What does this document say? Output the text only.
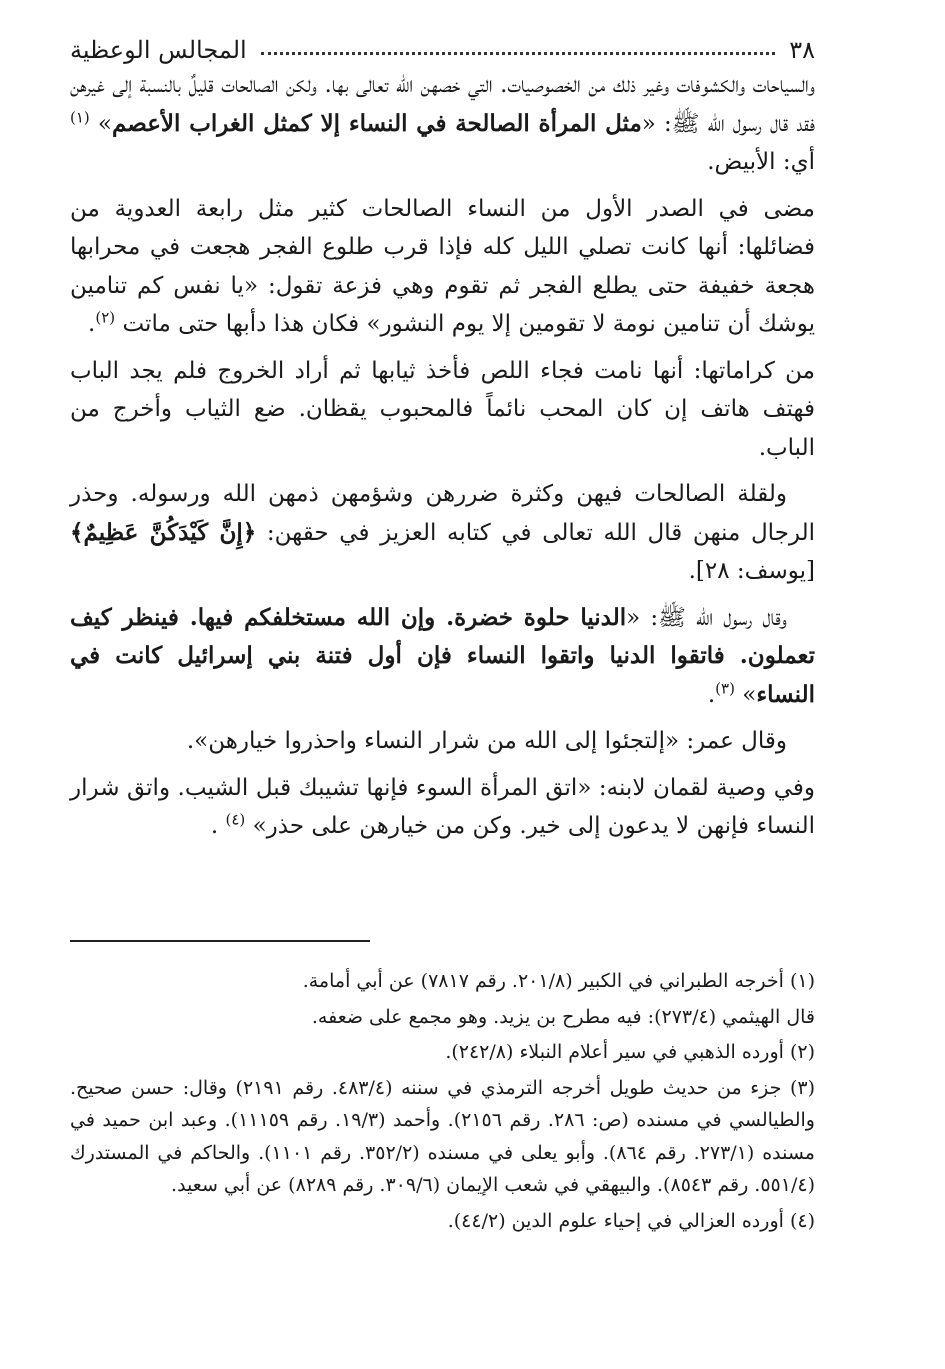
٣٨
المجالس الوعظية

والسياحات والكشوفات وغير ذلك من الخصوصيات. التي خصهن الله تعالى بها. ولكن الصالحات قليلٌ بالنسبة إلى غيرهن فقد قال رسول الله ﷺ: «مثل المرأة الصالحة في النساء إلا كمثل الغراب الأعصم» $^{(١)}$ أي: الأبيض.

مضى في الصدر الأول من النساء الصالحات كثير مثل رابعة العدوية من فضائلها: أنها كانت تصلي الليل كله فإذا قرب طلوع الفجر هجعت في محرابها هجعة خفيفة حتى يطلع الفجر ثم تقوم وهي فزعة تقول: «يا نفس كم تنامين يوشك أن تنامين نومة لا تقومين إلا يوم النشور» فكان هذا دأبها حتى ماتت $^{(٢)}$.

من كراماتها: أنها نامت فجاء اللص فأخذ ثيابها ثم أراد الخروج فلم يجد الباب فهتف هاتف إن كان المحب نائماً فالمحبوب يقظان. ضع الثياب وأخرج من الباب.

ولقلة الصالحات فيهن وكثرة ضررهن وشؤمهن ذمهن الله ورسوله. وحذر الرجال منهن قال الله تعالى في كتابه العزيز في حقهن: ﴿إِنَّ كَيْدَكُنَّ عَظِيمٌ﴾[يوسف: ٢٨].

وقال رسول الله ﷺ: «الدنيا حلوة خضرة. وإن الله مستخلفكم فيها. فينظر كيف تعملون. فاتقوا الدنيا واتقوا النساء فإن أول فتنة بني إسرائيل كانت في النساء» $^{(٣)}$.

وقال عمر: «إلتجئوا إلى الله من شرار النساء واحذروا خيارهن».

وفي وصية لقمان لابنه: «اتق المرأة السوء فإنها تشيبك قبل الشيب. واتق شرار النساء فإنهن لا يدعون إلى خير. وكن من خيارهن على حذر» $^{(٤)}$ .

(١) أخرجه الطبراني في الكبير (٢٠١/٨. رقم ٧٨١٧) عن أبي أمامة.

قال الهيثمي (٢٧٣/٤): فيه مطرح بن يزيد. وهو مجمع على ضعفه.

(٢) أورده الذهبي في سير أعلام النبلاء (٢٤٢/٨).

(٣) جزء من حديث طويل أخرجه الترمذي في سننه (٤٨٣/٤. رقم ٢١٩١) وقال: حسن صحيح. والطيالسي في مسنده (ص: ٢٨٦. رقم ٢١٥٦). وأحمد (١٩/٣. رقم ١١١٥٩). وعبد ابن حميد في مسنده (٢٧٣/١. رقم ٨٦٤). وأبو يعلى في مسنده (٣٥٢/٢. رقم ١١٠١). والحاكم في المستدرك (٥٥١/٤. رقم ٨٥٤٣). والبيهقي في شعب الإيمان (٣٠٩/٦. رقم ٨٢٨٩) عن أبي سعيد.

(٤) أورده العزالي في إحياء علوم الدين (٤٤/٢).
